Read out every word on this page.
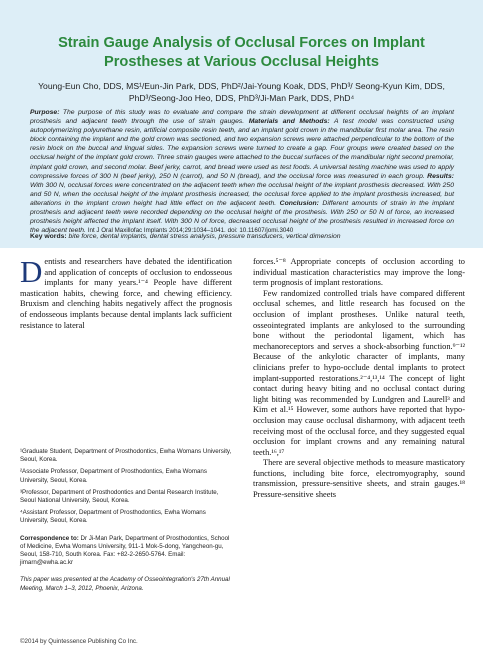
Strain Gauge Analysis of Occlusal Forces on Implant Prostheses at Various Occlusal Heights
Young-Eun Cho, DDS, MS¹/Eun-Jin Park, DDS, PhD²/Jai-Young Koak, DDS, PhD³/ Seong-Kyun Kim, DDS, PhD³/Seong-Joo Heo, DDS, PhD³/Ji-Man Park, DDS, PhD⁴
Purpose: The purpose of this study was to evaluate and compare the strain development at different occlusal heights of an implant prosthesis and adjacent teeth through the use of strain gauges. Materials and Methods: A test model was constructed using autopolymerizing polyurethane resin, artificial composite resin teeth, and an implant gold crown in the mandibular first molar area. The resin block containing the implant and the gold crown was sectioned, and two expansion screws were attached perpendicular to the bottom of the resin block on the buccal and lingual sides. The expansion screws were turned to create a gap. Four groups were created based on the occlusal height of the implant gold crown. Three strain gauges were attached to the buccal surfaces of the mandibular right second premolar, implant gold crown, and second molar. Beef jerky, carrot, and bread were used as test foods. A universal testing machine was used to apply compressive forces of 300 N (beef jerky), 250 N (carrot), and 50 N (bread), and the occlusal force was measured in each group. Results: With 300 N, occlusal forces were concentrated on the adjacent teeth when the occlusal height of the implant prosthesis decreased. With 250 and 50 N, when the occlusal height of the implant prosthesis increased, the occlusal force applied to the implant prosthesis increased, but alterations in the implant crown height had little effect on the adjacent teeth. Conclusion: Different amounts of strain in the implant prosthesis and adjacent teeth were recorded depending on the occlusal height of the prosthesis. With 250 or 50 N of force, an increased prosthesis height affected the implant itself. With 300 N of force, decreased occlusal height of the prosthesis resulted in increased force on the adjacent teeth. Int J Oral Maxillofac Implants 2014;29:1034–1041. doi: 10.11607/jomi.3040
Key words: bite force, dental implants, dental stress analysis, pressure transducers, vertical dimension

Dentists and researchers have debated the identification and application of concepts of occlusion to endosseous implants for many years.¹⁻⁴ People have different mastication habits, chewing force, and chewing efficiency. Bruxism and clenching habits negatively affect the prognosis of endosseous implants because dental implants lack sufficient resistance to lateral

¹Graduate Student, Department of Prosthodontics, Ewha Womans University, Seoul, Korea.
²Associate Professor, Department of Prosthodontics, Ewha Womans University, Seoul, Korea.
³Professor, Department of Prosthodontics and Dental Research Institute, Seoul National University, Seoul, Korea.
⁴Assistant Professor, Department of Prosthodontics, Ewha Womans University, Seoul, Korea.
Correspondence to: Dr Ji-Man Park, Department of Prosthodontics, School of Medicine, Ewha Womans University, 911-1 Mok-5-dong, Yangcheon-gu, Seoul, 158-710, South Korea. Fax: +82-2-2650-5764. Email: jimarn@ewha.ac.kr
This paper was presented at the Academy of Osseointegration's 27th Annual Meeting, March 1–3, 2012, Phoenix, Arizona.
©2014 by Quintessence Publishing Co Inc.

forces.⁵⁻⁸ Appropriate concepts of occlusion according to individual mastication characteristics may improve the long-term prognosis of implant restorations.

Few randomized controlled trials have compared different occlusal schemes, and little research has focused on the occlusion of implant prostheses. Unlike natural teeth, osseointegrated implants are ankylosed to the surrounding bone without the periodontal ligament, which has mechanoreceptors and serves a shock-absorbing function.⁹⁻¹² Because of the ankylotic character of implants, many clinicians prefer to hypo-occlude dental implants to protect implant-supported restorations.²⁻⁴,¹³,¹⁴ The concept of light contact during heavy biting and no occlusal contact during light biting was recommended by Lundgren and Laurell³ and Kim et al.¹⁵ However, some authors have reported that hypo-occlusion may cause occlusal disharmony, with adjacent teeth receiving most of the occlusal force, and they suggested equal occlusion for implant crowns and any remaining natural teeth.¹⁶,¹⁷

There are several objective methods to measure masticatory functions, including bite force, electromyography, sound transmission, pressure-sensitive sheets, and strain gauges.¹⁸ Pressure-sensitive sheets
